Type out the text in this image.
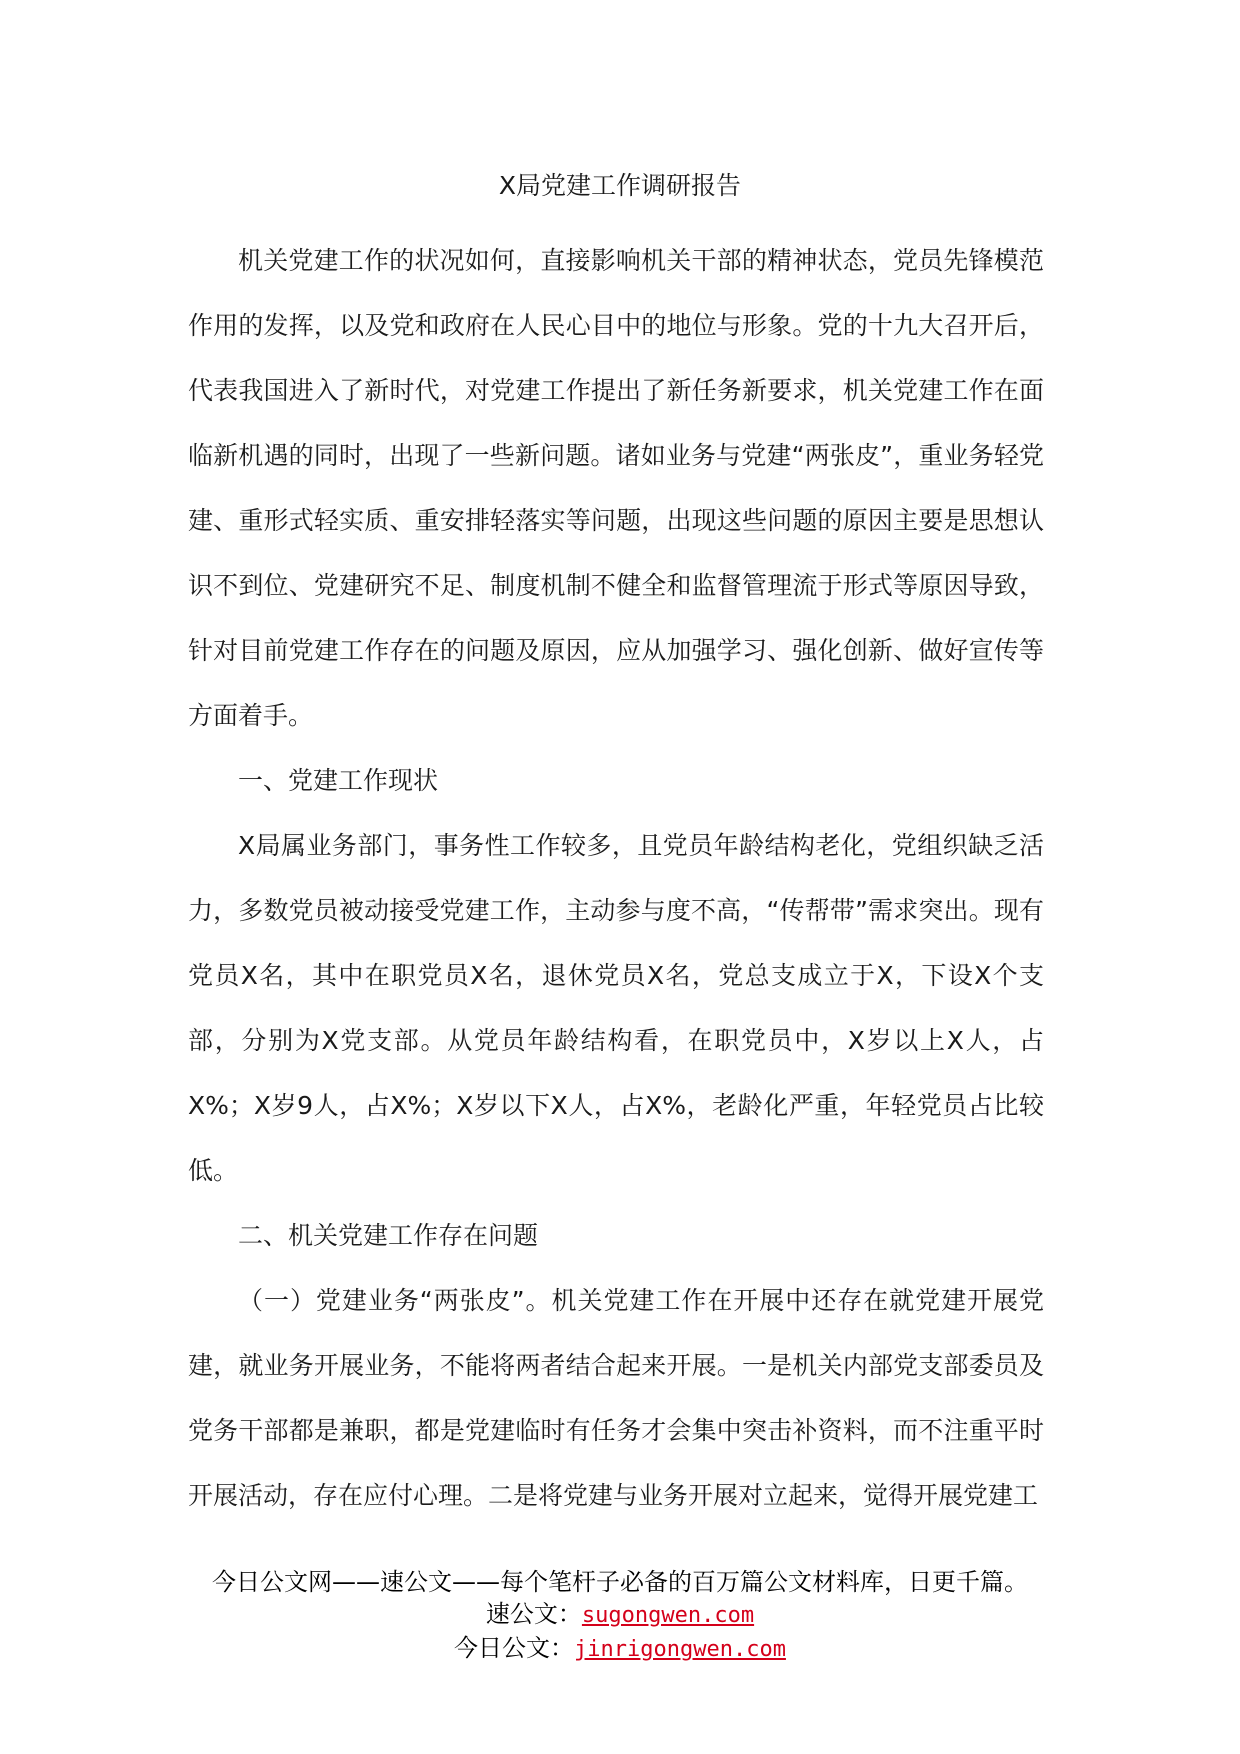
X局党建工作调研报告

机关党建工作的状况如何，直接影响机关干部的精神状态，党员先锋模范作用的发挥，以及党和政府在人民心目中的地位与形象。党的十九大召开后，代表我国进入了新时代，对党建工作提出了新任务新要求，机关党建工作在面临新机遇的同时，出现了一些新问题。诸如业务与党建“两张皮”，重业务轻党建、重形式轻实质、重安排轻落实等问题，出现这些问题的原因主要是思想认识不到位、党建研究不足、制度机制不健全和监督管理流于形式等原因导致，针对目前党建工作存在的问题及原因，应从加强学习、强化创新、做好宣传等方面着手。

一、党建工作现状

X局属业务部门，事务性工作较多，且党员年龄结构老化，党组织缺乏活力，多数党员被动接受党建工作，主动参与度不高，“传帮带”需求突出。现有党员X名，其中在职党员X名，退休党员X名，党总支成立于X，下设X个支部，分别为X党支部。从党员年龄结构看，在职党员中，X岁以上X人，占X%；X岁9人，占X%；X岁以下X人，占X%，老龄化严重，年轻党员占比较低。

二、机关党建工作存在问题

（一）党建业务“两张皮”。机关党建工作在开展中还存在就党建开展党建，就业务开展业务，不能将两者结合起来开展。一是机关内部党支部委员及党务干部都是兼职，都是党建临时有任务才会集中突击补资料，而不注重平时开展活动，存在应付心理。二是将党建与业务开展对立起来，觉得开展党建工

今日公文网——速公文——每个笔杆子必备的百万篇公文材料库，日更千篇。
速公文：sugongwen.com
今日公文：jinrigongwen.com
